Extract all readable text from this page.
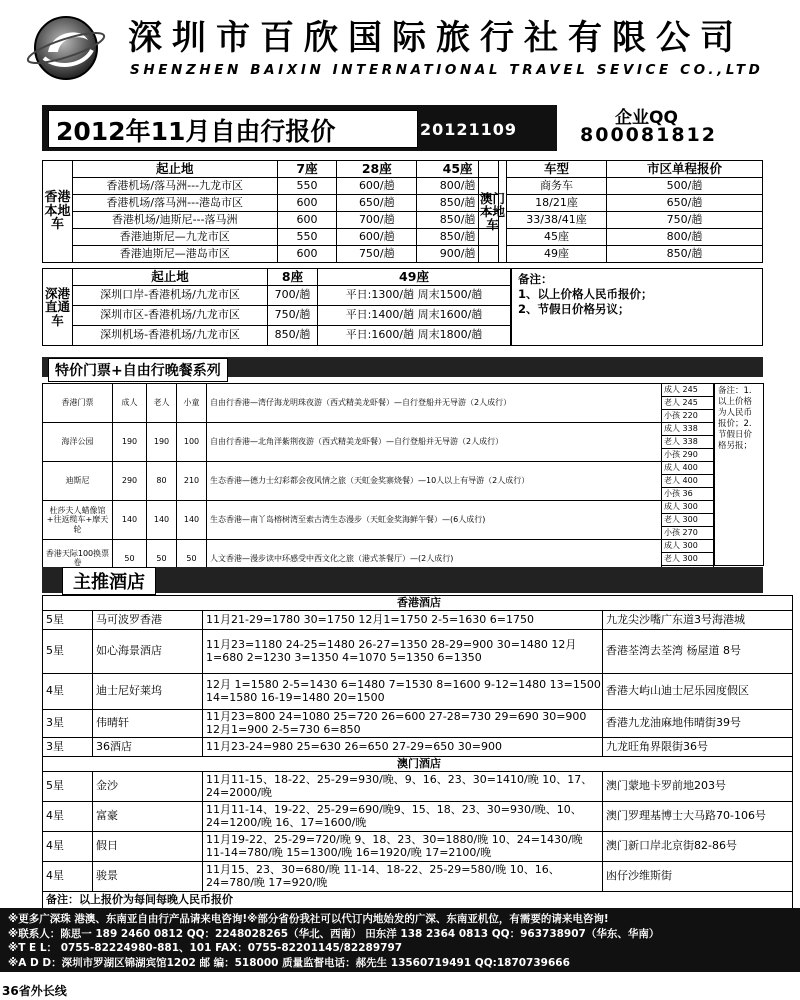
深圳市百欣国际旅行社有限公司
SHENZHEN BAIXIN INTERNATIONAL TRAVEL SEVICE CO.,LTD
2012年11月自由行报价	20121109
企业QQ
800081812
香港本地车	起止地	7座	28座	45座
	香港机场/落马洲---九龙市区	550	600/趟	800/趟
	香港机场/落马洲---港岛市区	600	650/趟	850/趟
	香港机场/迪斯尼---落马洲	600	700/趟	850/趟
	香港迪斯尼—九龙市区	550	600/趟	850/趟
	香港迪斯尼—港岛市区	600	750/趟	900/趟
澳门本地车	车型	市区单程报价
	商务车	500/趟
	18/21座	650/趟
	33/38/41座	750/趟
	45座	800/趟
	49座	850/趟
深港直通车	起止地	8座	49座
	深圳口岸-香港机场/九龙市区	700/趟	平日:1300/趟 周末1500/趟
	深圳市区-香港机场/九龙市区	750/趟	平日:1400/趟 周末1600/趟
	深圳机场-香港机场/九龙市区	850/趟	平日:1600/趟 周末1800/趟
备注：
1、以上价格人民币报价；
2、节假日价格另议；
特价门票+自由行晚餐系列
香港门票	成人	老人	小童	自由行香港—湾仔海龙明珠夜游（西式精美龙虾餐）—自行登船并无导游（2人成行）	成人 245
					老人 245
					小孩 220
海洋公园	190	190	100	自由行香港—北角洋紫荆夜游（西式精美龙虾餐）—自行登船并无导游（2人成行）	成人 338
					老人 338
					小孩 290
迪斯尼	290	80	210	生态香港—德力士幻彩都会夜风情之旅（天虹金奖寨烧餐）—10人以上有导游（2人成行）	成人 400
					老人 400
					小孩 36
杜莎夫人蜡像馆+往返缆车+摩天轮	140	140	140	生态香港—南丫岛榕树湾至索古湾生态漫步（天虹金奖海鲜午餐）—(6人成行)	成人 300
					老人 300
					小孩 270
香港天际100换票卷	50	50	50	人文香港—漫步读中环感受中西文化之旅（港式茶餐厅）—(2人成行)	成人 300
					老人 300

备注：1.以上价格为人民币报价；2.节假日价格另报；
主推酒店
香港酒店			
5星	马可波罗香港	11月21-29=1780 30=1750 12月1=1750 2-5=1630 6=1750	九龙尖沙嘴广东道3号海港城
5星	如心海景酒店	11月23=1180 24-25=1480 26-27=1350 28-29=900 30=1480 12月1=680 2=1230 3=1350 4=1070 5=1350 6=1350	香港荃湾去荃湾 杨屋道 8号
4星	迪士尼好莱坞	12月 1=1580 2-5=1430 6=1480 7=1530 8=1600 9-12=1480 13=1500 14=1580 16-19=1480 20=1500	香港大屿山迪士尼乐园度假区
3星	伟晴轩	11月23=800 24=1080 25=720 26=600 27-28=730 29=690 30=900 12月1=900 2-5=730 6=850	香港九龙油麻地伟晴街39号
3星	36酒店	11月23-24=980 25=630 26=650 27-29=650 30=900	九龙旺角界限街36号
澳门酒店			
5星	金沙	11月11-15、18-22、25-29=930/晚、9、16、23、30=1410/晚 10、17、24=2000/晚	澳门蒙地卡罗前地203号
4星	富豪	11月11-14、19-22、25-29=690/晚9、15、18、23、30=930/晚、10、24=1200/晚 16、17=1600/晚	澳门罗理基博士大马路70-106号
4星	假日	11月19-22、25-29=720/晚 9、18、23、30=1880/晚 10、24=1430/晚 11-14=780/晚 15=1300/晚 16=1920/晚 17=2100/晚	澳门新口岸北京街82-86号
4星	骏景	11月15、23、30=680/晚 11-14、18-22、25-29=580/晚 10、16、24=780/晚 17=920/晚	凼仔沙维斯街
备注：以上报价为每间每晚人民币报价			
※更多广深珠 港澳、东南亚自由行产品请来电咨询!※部分省份我社可以代订内地始发的广深、东南亚机位，有需要的请来电咨询!
※联系人：陈思一 189 2460 0812 QQ：2248028265（华北、西南） 田东洋 138 2364 0813 QQ：963738907（华东、华南）
※T E L： 0755-82224980-881、101 FAX：0755-82201145/82289797
※A D D：深圳市罗湖区锦湖宾馆1202 邮 编：518000 质量监督电话：郝先生 13560719491 QQ:1870739666
36省外长线
